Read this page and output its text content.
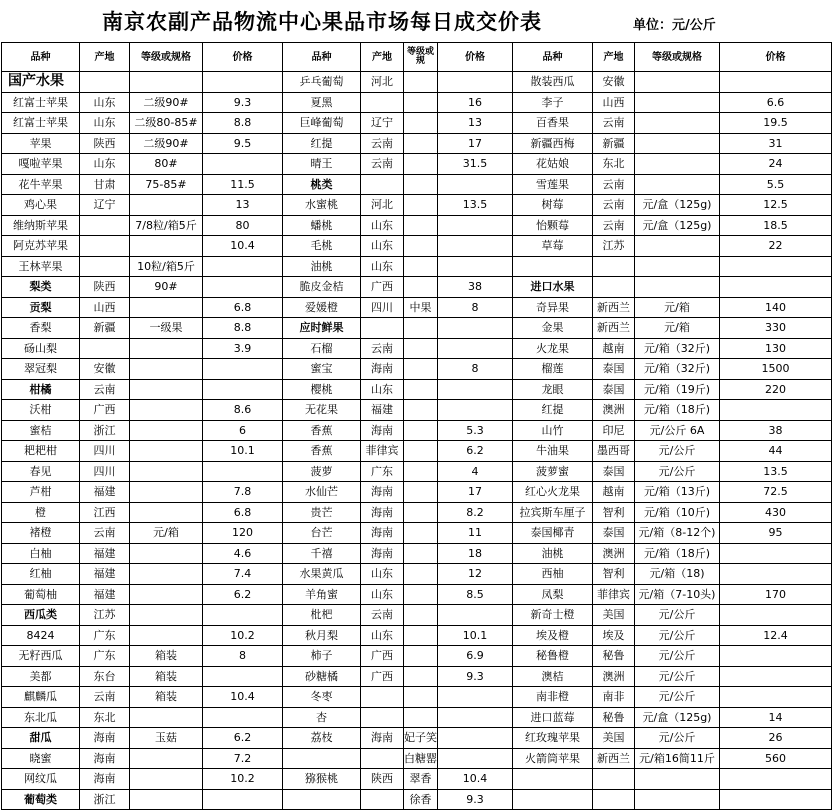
南京农副产品物流中心果品市场每日成交价表	单位：元/公斤
品种	产地	等级或规格	价格	品种	产地	等级或规	价格	品种	产地	等级或规格	价格
国产水果				乒乓葡萄	河北			散装西瓜	安徽		
红富士苹果	山东	二级90#	9.3	夏黑			16	李子	山西		6.6
红富士苹果	山东	二级80-85#	8.8	巨峰葡萄	辽宁		13	百香果	云南		19.5
苹果	陕西	二级90#	9.5	红提	云南		17	新疆西梅	新疆		31
嘎啦苹果	山东	80#		晴王	云南		31.5	花姑娘	东北		24
花牛苹果	甘肃	75-85#	11.5	桃类				雪莲果	云南		5.5
鸡心果	辽宁		13	水蜜桃	河北		13.5	树莓	云南	元/盒（125g)	12.5
维纳斯苹果		7/8粒/箱5斤	80	蟠桃	山东			怡颗莓	云南	元/盒（125g)	18.5
阿克苏苹果			10.4	毛桃	山东			草莓	江苏		22
王林苹果		10粒/箱5斤		油桃	山东						
梨类	陕西	90#		脆皮金桔	广西		38	进口水果			
贡梨	山西		6.8	爱媛橙	四川	中果	8	奇异果	新西兰	元/箱	140
香梨	新疆	一级果	8.8	应时鲜果				金果	新西兰	元/箱	330
砀山梨			3.9	石榴	云南			火龙果	越南	元/箱（32斤)	130
翠冠梨	安徽			蜜宝	海南		8	榴莲	泰国	元/箱（32斤)	1500
柑橘	云南			樱桃	山东			龙眼	泰国	元/箱（19斤)	220
沃柑	广西		8.6	无花果	福建			红提	澳洲	元/箱（18斤)	
蜜桔	浙江		6	香蕉	海南		5.3	山竹	印尼	元/公斤 6A	38
耙耙柑	四川		10.1	香蕉	菲律宾		6.2	牛油果	墨西哥	元/公斤	44
春见	四川			菠萝	广东		4	菠萝蜜	泰国	元/公斤	13.5
芦柑	福建		7.8	水仙芒	海南		17	红心火龙果	越南	元/箱（13斤)	72.5
橙	江西		6.8	贵芒	海南		8.2	拉宾斯车厘子	智利	元/箱（10斤)	430
褚橙	云南	元/箱	120	台芒	海南		11	泰国椰青	泰国	元/箱（8-12个)	95
白柚	福建		4.6	千禧	海南		18	油桃	澳洲	元/箱（18斤)	
红柚	福建		7.4	水果黄瓜	山东		12	西柚	智利	元/箱（18)	
葡萄柚	福建		6.2	羊角蜜	山东		8.5	凤梨	菲律宾	元/箱（7-10头)	170
西瓜类	江苏			枇杷	云南			新奇士橙	美国	元/公斤	
8424	广东		10.2	秋月梨	山东		10.1	埃及橙	埃及	元/公斤	12.4
无籽西瓜	广东	箱装	8	柿子	广西		6.9	秘鲁橙	秘鲁	元/公斤	
美都	东台	箱装		砂糖橘	广西		9.3	澳桔	澳洲	元/公斤	
麒麟瓜	云南	箱装	10.4	冬枣				南非橙	南非	元/公斤	
东北瓜	东北			杏				进口蓝莓	秘鲁	元/盒（125g)	14
甜瓜	海南	玉菇	6.2	荔枝	海南	妃子笑		红玫瑰苹果	美国	元/公斤	26
晓蜜	海南		7.2			白糖罂		火箭筒苹果	新西兰	元/箱16简11斤	560
网纹瓜	海南		10.2	猕猴桃	陕西	翠香	10.4				
葡萄类	浙江					徐香	9.3				
